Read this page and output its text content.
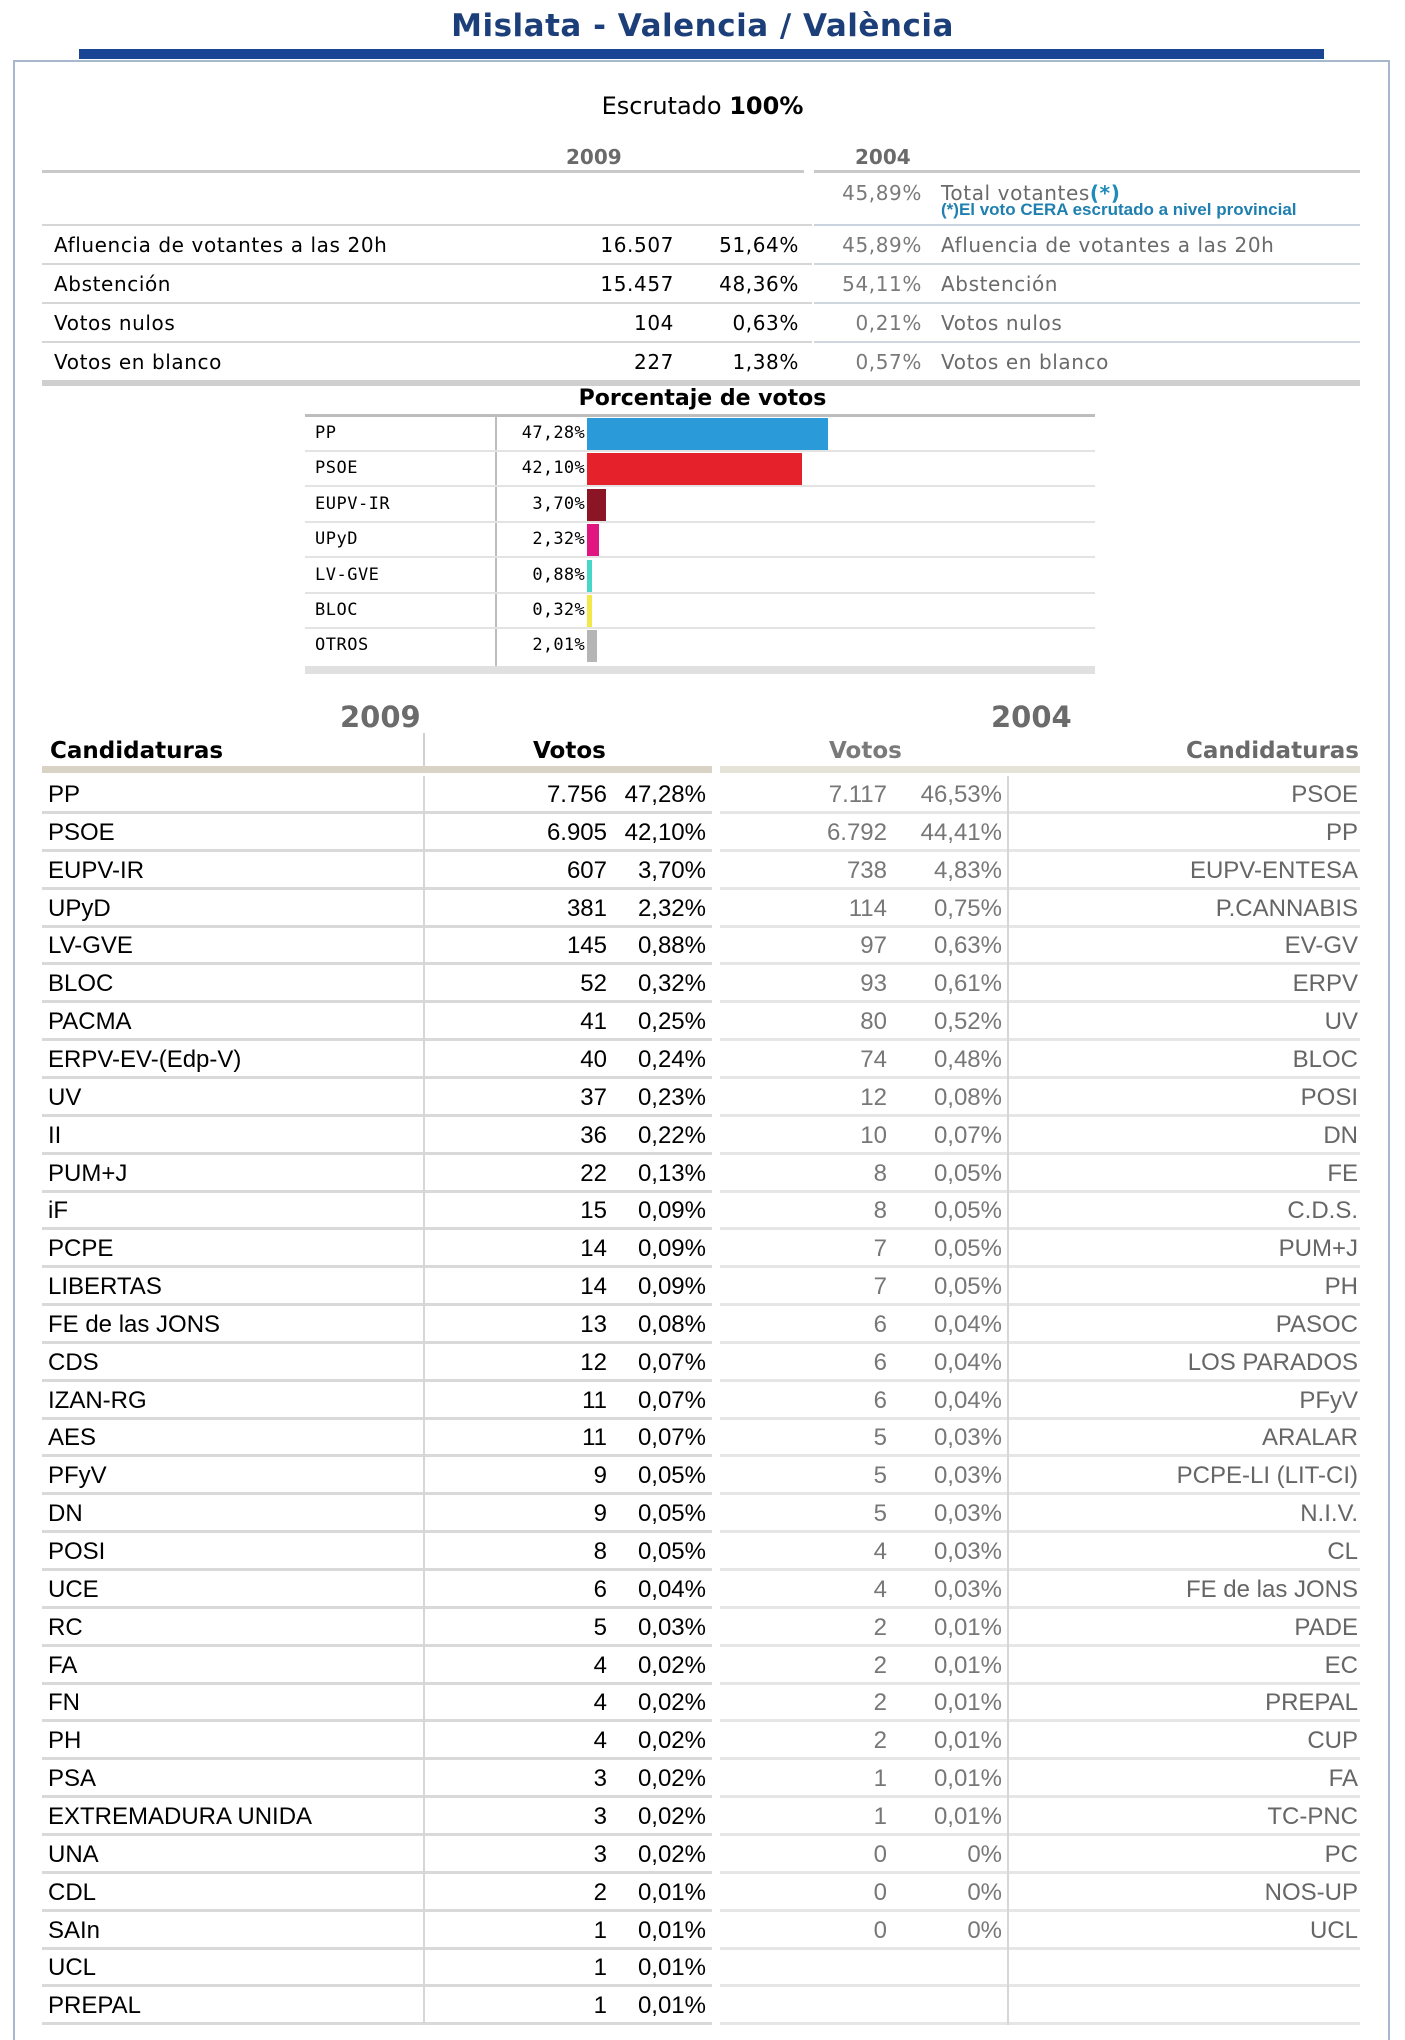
Mislata - Valencia / València
Escrutado 100%
2009	2004
45,89% Total votantes(*)
(*)El voto CERA escrutado a nivel provincial
Afluencia de votantes a las 20h	16.507 51,64% 45,89% Afluencia de votantes a las 20h
Abstención	15.457 48,36% 54,11% Abstención
Votos nulos	104	0,63%	0,21% Votos nulos
Votos en blanco	227	1,38%	0,57% Votos en blanco
Porcentaje de votos
PP	47,28%
PSOE	42,10%
EUPV-IR	3,70%
UPyD	2,32%
LV-GVE	0,88%
BLOC	0,32%
OTROS	2,01%
2009	2004
Candidaturas	Votos	Votos	Candidaturas
PP	7.756 47,28%	7.117 46,53%	PSOE
PSOE	6.905 42,10%	6.792 44,41%	PP
EUPV-IR	607 3,70%	738 4,83%	EUPV-ENTESA
UPyD	381 2,32%	114 0,75%	P.CANNABIS
LV-GVE	145 0,88%	97 0,63%	EV-GV
BLOC	52 0,32%	93 0,61%	ERPV
PACMA	41 0,25%	80 0,52%	UV
ERPV-EV-(Edp-V)	40 0,24%	74 0,48%	BLOC
UV	37 0,23%	12 0,08%	POSI
II	36 0,22%	10 0,07%	DN
PUM+J	22 0,13%	8 0,05%	FE
iF	15 0,09%	8 0,05%	C.D.S.
PCPE	14 0,09%	7 0,05%	PUM+J
LIBERTAS	14 0,09%	7 0,05%	PH
FE de las JONS	13 0,08%	6 0,04%	PASOC
CDS	12 0,07%	6 0,04%	LOS PARADOS
IZAN-RG	11 0,07%	6 0,04%	PFyV
AES	11 0,07%	5 0,03%	ARALAR
PFyV	9 0,05%	5 0,03%	PCPE-LI (LIT-CI)
DN	9 0,05%	5 0,03%	N.I.V.
POSI	8 0,05%	4 0,03%	CL
UCE	6 0,04%	4 0,03%	FE de las JONS
RC	5 0,03%	2 0,01%	PADE
FA	4 0,02%	2 0,01%	EC
FN	4 0,02%	2 0,01%	PREPAL
PH	4 0,02%	2 0,01%	CUP
PSA	3 0,02%	1 0,01%	FA
EXTREMADURA UNIDA	3 0,02%	1 0,01%	TC-PNC
UNA	3 0,02%	0	0%	PC
CDL	2 0,01%	0	0%	NOS-UP
SAIn	1 0,01%	0	0%	UCL
UCL	1 0,01%
PREPAL	1 0,01%
